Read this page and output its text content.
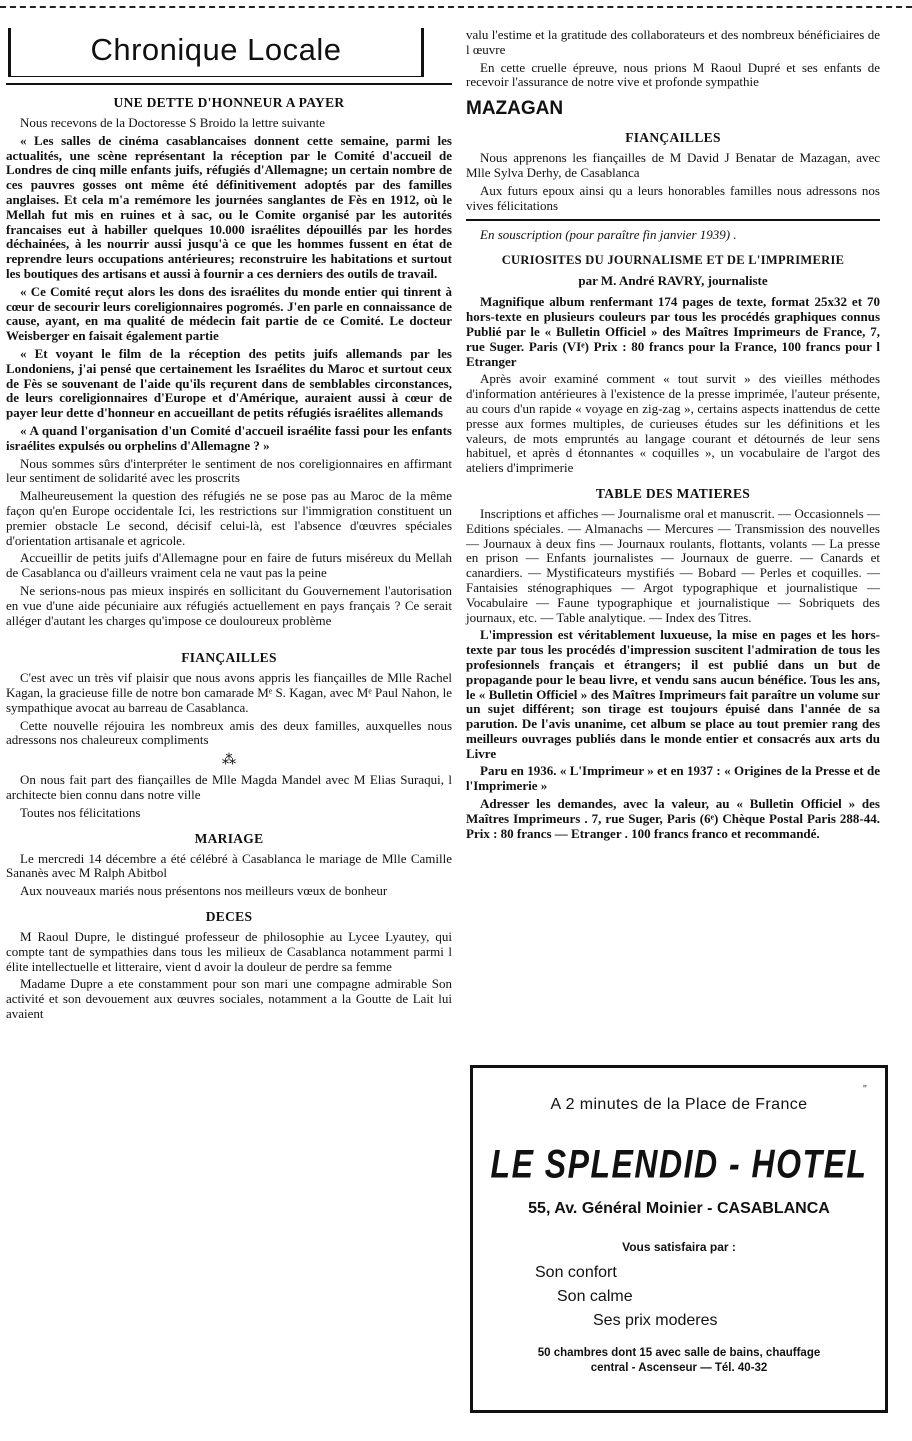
Chronique Locale
UNE DETTE D'HONNEUR A PAYER

Nous recevons de la Doctoresse S Broido la lettre suivante

« Les salles de cinéma casablancaises donnent cette semaine, parmi les actualités, une scène représentant la réception par le Comité d'accueil de Londres de cinq mille enfants juifs, réfugiés d'Allemagne; un certain nombre de ces pauvres gosses ont même été définitivement adoptés par des familles anglaises. Et cela m'a remémore les journées sanglantes de Fès en 1912, où le Mellah fut mis en ruines et à sac, ou le Comite organisé par les autorités francaises eut à habiller quelques 10.000 israélites dépouillés par les hordes déchainées, à les nourrir aussi jusqu'à ce que les hommes fussent en état de reprendre leurs occupations antérieures; reconstruire les habitations et surtout les boutiques des artisans et aussi à fournir a ces derniers des outils de travail.

« Ce Comité reçut alors les dons des israélites du monde entier qui tinrent à cœur de secourir leurs coreligionnaires pogromés. J'en parle en connaissance de cause, ayant, en ma qualité de médecin fait partie de ce Comité. Le docteur Weisberger en faisait également partie

« Et voyant le film de la réception des petits juifs allemands par les Londoniens, j'ai pensé que certainement les Israélites du Maroc et surtout ceux de Fès se souvenant de l'aide qu'ils reçurent dans de semblables circonstances, de leurs coreligionnaires d'Europe et d'Amérique, auraient aussi à cœur de payer leur dette d'honneur en accueillant de petits réfugiés israélites allemands

« A quand l'organisation d'un Comité d'accueil israélite fassi pour les enfants israélites expulsés ou orphelins d'Allemagne ? »

Nous sommes sûrs d'interpréter le sentiment de nos coreligionnaires en affirmant leur sentiment de solidarité avec les proscrits

Malheureusement la question des réfugiés ne se pose pas au Maroc de la même façon qu'en Europe occidentale Ici, les restrictions sur l'immigration constituent un premier obstacle Le second, décisif celui-là, est l'absence d'œuvres spéciales d'orientation artisanale et agricole.

Accueillir de petits juifs d'Allemagne pour en faire de futurs miséreux du Mellah de Casablanca ou d'ailleurs vraiment cela ne vaut pas la peine

Ne serions-nous pas mieux inspirés en sollicitant du Gouvernement l'autorisation en vue d'une aide pécuniaire aux réfugiés actuellement en pays français ? Ce serait alléger d'autant les charges qu'impose ce douloureux problème

FIANÇAILLES

C'est avec un très vif plaisir que nous avons appris les fiançailles de Mlle Rachel Kagan, la gracieuse fille de notre bon camarade Mᵉ S. Kagan, avec Mᵉ Paul Nahon, le sympathique avocat au barreau de Casablanca.

Cette nouvelle réjouira les nombreux amis des deux familles, auxquelles nous adressons nos chaleureux compliments

⁂

On nous fait part des fiançailles de Mlle Magda Mandel avec M Elias Suraqui, l architecte bien connu dans notre ville

Toutes nos félicitations

MARIAGE

Le mercredi 14 décembre a été célébré à Casablanca le mariage de Mlle Camille Sananès avec M Ralph Abitbol

Aux nouveaux mariés nous présentons nos meilleurs vœux de bonheur

DECES

M Raoul Dupre, le distingué professeur de philosophie au Lycee Lyautey, qui compte tant de sympathies dans tous les milieux de Casablanca notamment parmi l élite intellectuelle et litteraire, vient d avoir la douleur de perdre sa femme

Madame Dupre a ete constamment pour son mari une compagne admirable Son activité et son devouement aux œuvres sociales, notamment a la Goutte de Lait lui avaient

valu l'estime et la gratitude des collaborateurs et des nombreux bénéficiaires de l œuvre

En cette cruelle épreuve, nous prions M Raoul Dupré et ses enfants de recevoir l'assurance de notre vive et profonde sympathie

MAZAGAN
FIANÇAILLES

Nous apprenons les fiançailles de M David J Benatar de Mazagan, avec Mlle Sylva Derhy, de Casablanca

Aux futurs epoux ainsi qu a leurs honorables familles nous adressons nos vives félicitations

En souscription (pour paraître fin janvier 1939) .
CURIOSITES DU JOURNALISME ET DE L'IMPRIMERIE
par M. André RAVRY, journaliste

Magnifique album renfermant 174 pages de texte, format 25x32 et 70 hors-texte en plusieurs couleurs par tous les procédés graphiques connus Publié par le « Bulletin Officiel » des Maîtres Imprimeurs de France, 7, rue Suger. Paris (VIᵉ) Prix : 80 francs pour la France, 100 francs pour l Etranger

Après avoir examiné comment « tout survit » des vieilles méthodes d'information antérieures à l'existence de la presse imprimée, l'auteur présente, au cours d'un rapide « voyage en zig-zag », certains aspects inattendus de cette presse aux formes multiples, de curieuses études sur les définitions et les valeurs, de mots empruntés au langage courant et détournés de leur sens habituel, et après d étonnantes « coquilles », un vocabulaire de l'argot des ateliers d'imprimerie

TABLE DES MATIERES

Inscriptions et affiches — Journalisme oral et manuscrit. — Occasionnels — Editions spéciales. — Almanachs — Mercures — Transmission des nouvelles — Journaux à deux fins — Journaux roulants, flottants, volants — La presse en prison — Enfants journalistes — Journaux de guerre. — Canards et canardiers. — Mystificateurs mystifiés — Bobard — Perles et coquilles. — Fantaisies sténographiques — Argot typographique et journalistique — Vocabulaire — Faune typographique et journalistique — Sobriquets des journaux, etc. — Table analytique. — Index des Titres.

L'impression est véritablement luxueuse, la mise en pages et les hors-texte par tous les procédés d'impression suscitent l'admiration de tous les profesionnels français et étrangers; il est publié dans un but de propagande pour le beau livre, et vendu sans aucun bénéfice. Tous les ans, le « Bulletin Officiel » des Maîtres Imprimeurs fait paraître un volume sur un sujet différent; son tirage est toujours épuisé dans l'année de sa parution. De l'avis unanime, cet album se place au tout premier rang des meilleurs ouvrages publiés dans le monde entier et consacrés aux arts du Livre

Paru en 1936. « L'Imprimeur » et en 1937 : « Origines de la Presse et de l'Imprimerie »

Adresser les demandes, avec la valeur, au « Bulletin Officiel » des Maîtres Imprimeurs . 7, rue Suger, Paris (6ᵉ) Chèque Postal Paris 288-44. Prix : 80 francs — Etranger . 100 francs franco et recommandé.

"
A 2 minutes de la Place de France
LE SPLENDID - HOTEL
55, Av. Général Moinier - CASABLANCA
Vous satisfaira par :
Son confort
Son calme
Ses prix moderes
50 chambres dont 15 avec salle de bains, chauffage
central - Ascenseur — Tél. 40-32
